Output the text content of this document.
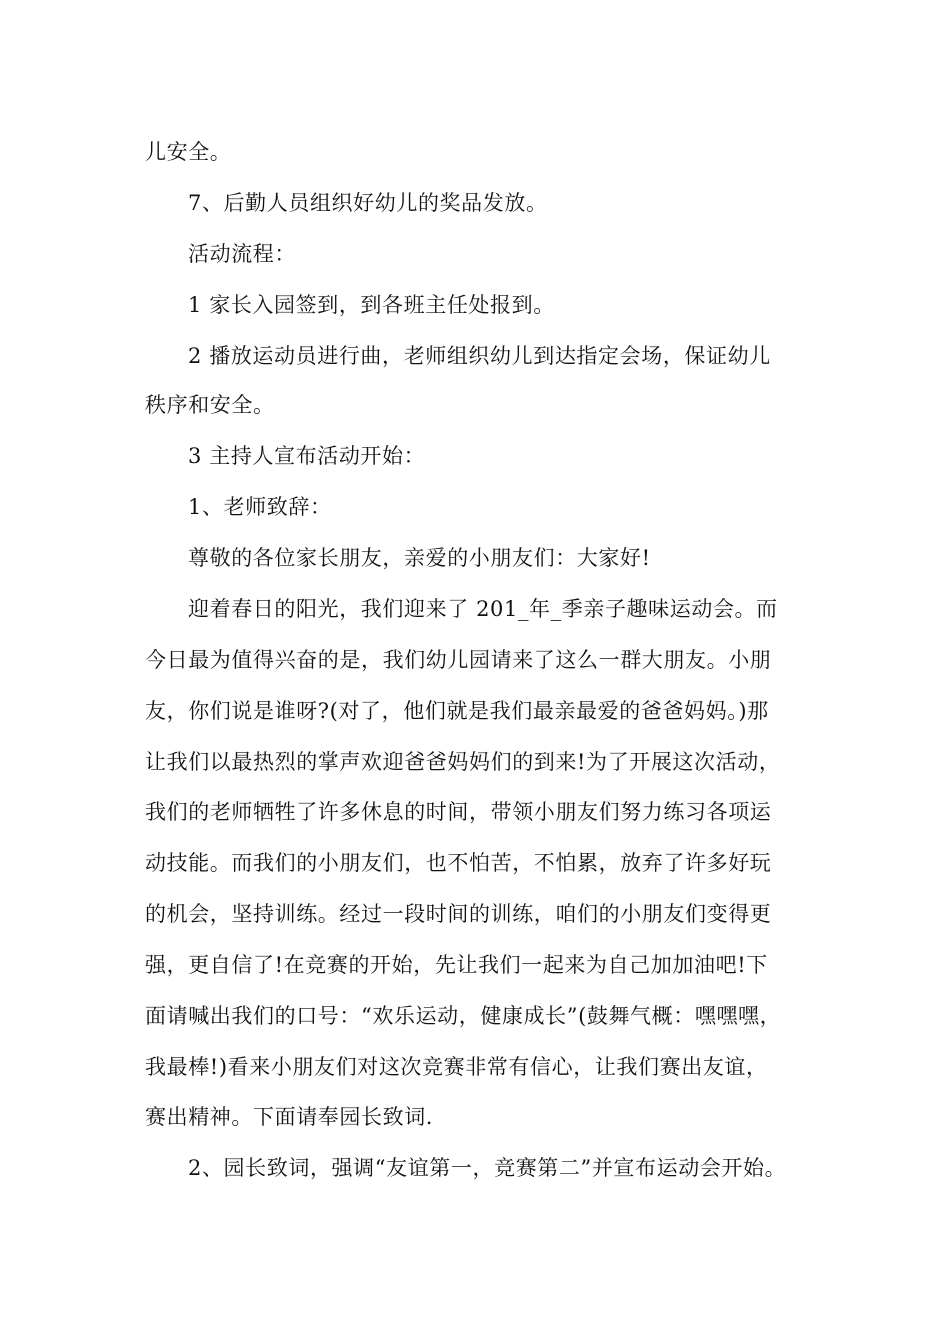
儿安全。
7、后勤人员组织好幼儿的奖品发放。
活动流程：
1 家长入园签到，到各班主任处报到。
2 播放运动员进行曲，老师组织幼儿到达指定会场，保证幼儿
秩序和安全。
3 主持人宣布活动开始：
1、老师致辞：
尊敬的各位家长朋友，亲爱的小朋友们：大家好!
迎着春日的阳光，我们迎来了 201_年_季亲子趣味运动会。而
今日最为值得兴奋的是，我们幼儿园请来了这么一群大朋友。小朋
友，你们说是谁呀?(对了，他们就是我们最亲最爱的爸爸妈妈。)那
让我们以最热烈的掌声欢迎爸爸妈妈们的到来!为了开展这次活动，
我们的老师牺牲了许多休息的时间，带领小朋友们努力练习各项运
动技能。而我们的小朋友们，也不怕苦，不怕累，放弃了许多好玩
的机会，坚持训练。经过一段时间的训练，咱们的小朋友们变得更
强，更自信了!在竞赛的开始，先让我们一起来为自己加加油吧!下
面请喊出我们的口号：“欢乐运动，健康成长”(鼓舞气概：嘿嘿嘿，
我最棒!)看来小朋友们对这次竞赛非常有信心，让我们赛出友谊，
赛出精神。下面请奉园长致词.
2、园长致词，强调“友谊第一，竞赛第二”并宣布运动会开始。
